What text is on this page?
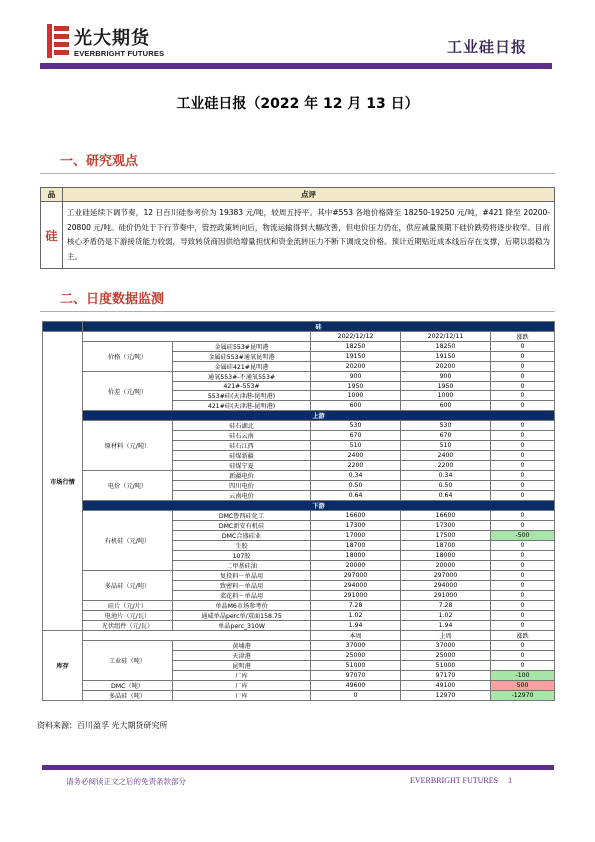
光大期货
EVERBRIGHT FUTURES	工业硅日报
工业硅日报（2022 年 12 月 13 日）
一、研究观点
品	点评
硅	工业硅延续下调节奏，12 日百川硅参考价为 19383 元/吨，较周五持平。其中#553 各地价格降至 18250-19250 元/吨，#421 降至 20200-20800 元/吨。硅价仍处于下行节奏中，管控政策转向后，物流运输得到大幅改善，但电价压力仍在，供应减量预期下硅价跌势将逐步收窄。目前核心矛盾仍是下游接货能力较弱，导致转货商因供给增量担忧和资金流转压力不断下调成交价格。预计近期贴近成本线后存在支撑，后期以弱稳为主。
二、日度数据监测
	硅				
市场行情			2022/12/12	2022/12/11	涨跌
	价格（元/吨）	金属硅553#昆明港	18250	18250	0
		金属硅553#通氧昆明港	19150	19150	0
		金属硅421#昆明港	20200	20200	0
	价差（元/吨）	通氧553#-不通氧553#	900	900	0
		421#-553#	1950	1950	0
		553#硅(天津港-昆明港)	1000	1000	0
		421#硅(天津港-昆明港)	600	600	0
	上游				
	原材料（元/吨）	硅石湖北	530	530	0
		硅石云南	670	670	0
		硅石江西	510	510	0
		硅煤新疆	2400	2400	0
		硅煤宁夏	2200	2200	0
	电价（元/吨）	新疆电价	0.34	0.34	0
		四川电价	0.50	0.50	0
		云南电价	0.64	0.64	0
	下游				
	有机硅（元/吨）	DMC鲁西硅化工	16600	16600	0
		DMC新安有机硅	17300	17300	0
		DMC合盛硅业	17000	17500	-500
		生胶	18700	18700	0
		107胶	18000	18000	0
		二甲基硅油	20000	20000	0
	多晶硅（元/吨）	复投料－单晶用	297000	297000	0
		致密料－单晶用	294000	294000	0
		菜花料－单晶用	291000	291000	0
	硅片（元/片）	单晶M6市场参考价	7.28	7.28	0
	电池片（元/瓦）	通威单晶perc单/双面158.75	1.02	1.02	0
	光伏组件（元/瓦）	单晶perc_310W	1.94	1.94	0
库存			本周	上周	涨跌
	工业硅（吨）	黄埔港	37000	37000	0
		天津港	25000	25000	0
		昆明港	51000	51000	0
		厂库	97070	97170	-100
	DMC（吨）	厂库	49600	49100	500
	多晶硅（吨）	厂库	0	12970	-12970
资料来源：百川盈孚 光大期货研究所
请务必阅读正文之后的免责条款部分	EVERBRIGHT FUTURES 1
